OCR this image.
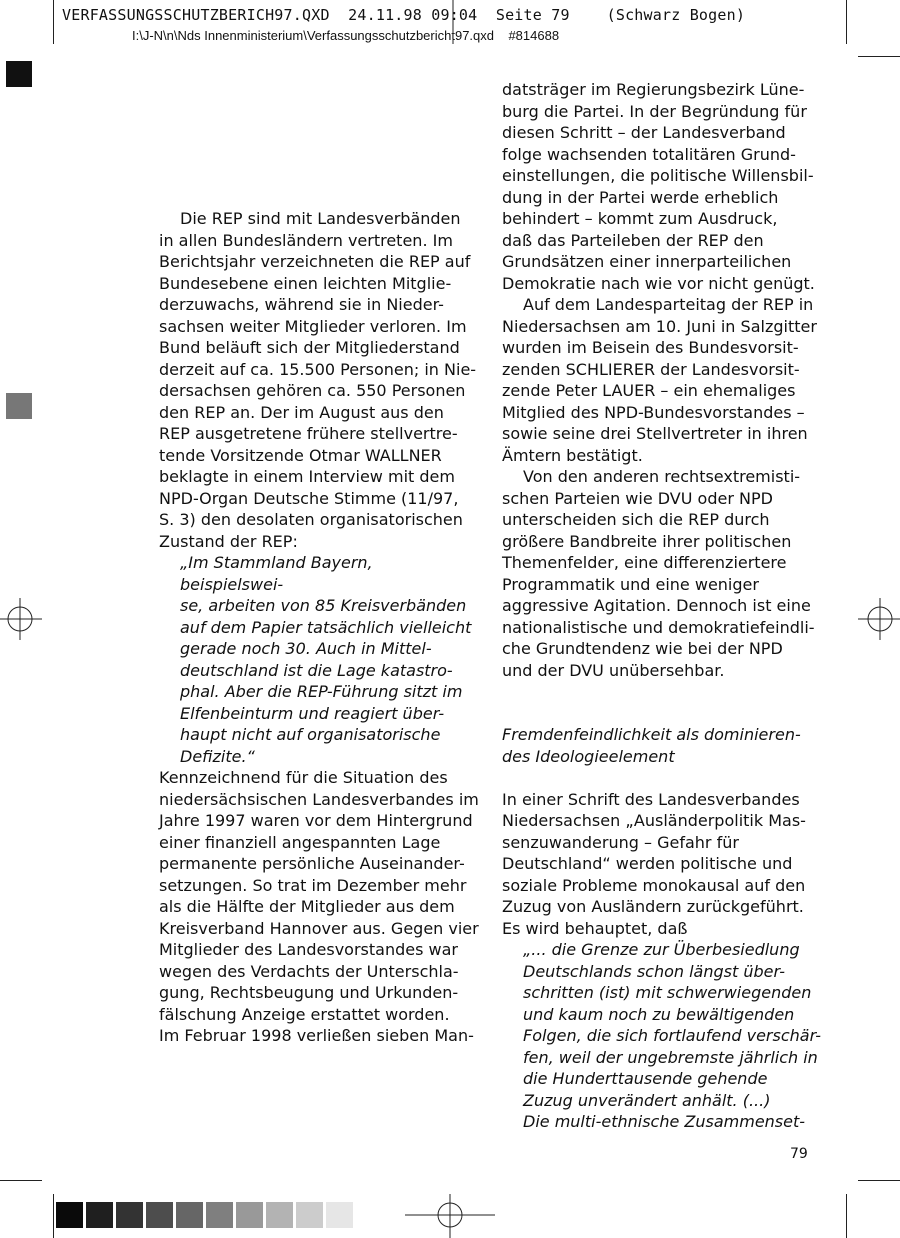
VERFASSUNGSSCHUTZBERICH97.QXD  24.11.98 09:04  Seite 79    (Schwarz Bogen)
I:\J-N\n\Nds Innenministerium\Verfassungsschutzbericht97.qxd    #814688

Die REP sind mit Landesverbänden

in allen Bundesländern vertreten. Im

Berichtsjahr verzeichneten die REP auf

Bundesebene einen leichten Mitglie-

derzuwachs, während sie in Nieder-

sachsen weiter Mitglieder verloren. Im

Bund beläuft sich der Mitgliederstand

derzeit auf ca. 15.500 Personen; in Nie-

dersachsen gehören ca. 550 Personen

den REP an. Der im August aus den

REP ausgetretene frühere stellvertre-

tende Vorsitzende Otmar WALLNER

beklagte in einem Interview mit dem

NPD-Organ Deutsche Stimme (11/97,

S. 3) den desolaten organisatorischen

Zustand der REP:

„Im Stammland Bayern, beispielswei-

se, arbeiten von 85 Kreisverbänden

auf dem Papier tatsächlich vielleicht

gerade noch 30. Auch in Mittel-

deutschland ist die Lage katastro-

phal. Aber die REP-Führung sitzt im

Elfenbeinturm und reagiert über-

haupt nicht auf organisatorische

Defizite.“

Kennzeichnend für die Situation des

niedersächsischen Landesverbandes im

Jahre 1997 waren vor dem Hintergrund

einer finanziell angespannten Lage

permanente persönliche Auseinander-

setzungen. So trat im Dezember mehr

als die Hälfte der Mitglieder aus dem

Kreisverband Hannover aus. Gegen vier

Mitglieder des Landesvorstandes war

wegen des Verdachts der Unterschla-

gung, Rechtsbeugung und Urkunden-

fälschung Anzeige erstattet worden.

Im Februar 1998 verließen sieben Man-

datsträger im Regierungsbezirk Lüne-

burg die Partei. In der Begründung für

diesen Schritt – der Landesverband

folge wachsenden totalitären Grund-

einstellungen, die politische Willensbil-

dung in der Partei werde erheblich

behindert – kommt zum Ausdruck,

daß das Parteileben der REP den

Grundsätzen einer innerparteilichen

Demokratie nach wie vor nicht genügt.

Auf dem Landesparteitag der REP in

Niedersachsen am 10. Juni in Salzgitter

wurden im Beisein des Bundesvorsit-

zenden SCHLIERER der Landesvorsit-

zende Peter LAUER – ein ehemaliges

Mitglied des NPD-Bundesvorstandes –

sowie seine drei Stellvertreter in ihren

Ämtern bestätigt.

Von den anderen rechtsextremisti-

schen Parteien wie DVU oder NPD

unterscheiden sich die REP durch

größere Bandbreite ihrer politischen

Themenfelder, eine differenziertere

Programmatik und eine weniger

aggressive Agitation. Dennoch ist eine

nationalistische und demokratiefeindli-

che Grundtendenz wie bei der NPD

und der DVU unübersehbar.

Fremdenfeindlichkeit als dominieren-

des Ideologieelement

In einer Schrift des Landesverbandes

Niedersachsen „Ausländerpolitik Mas-

senzuwanderung – Gefahr für

Deutschland“ werden politische und

soziale Probleme monokausal auf den

Zuzug von Ausländern zurückgeführt.

Es wird behauptet, daß

„... die Grenze zur Überbesiedlung

Deutschlands schon längst über-

schritten (ist) mit schwerwiegenden

und kaum noch zu bewältigenden

Folgen, die sich fortlaufend verschär-

fen, weil der ungebremste jährlich in

die Hunderttausende gehende

Zuzug unverändert anhält. (...)

Die multi-ethnische Zusammenset-

79
